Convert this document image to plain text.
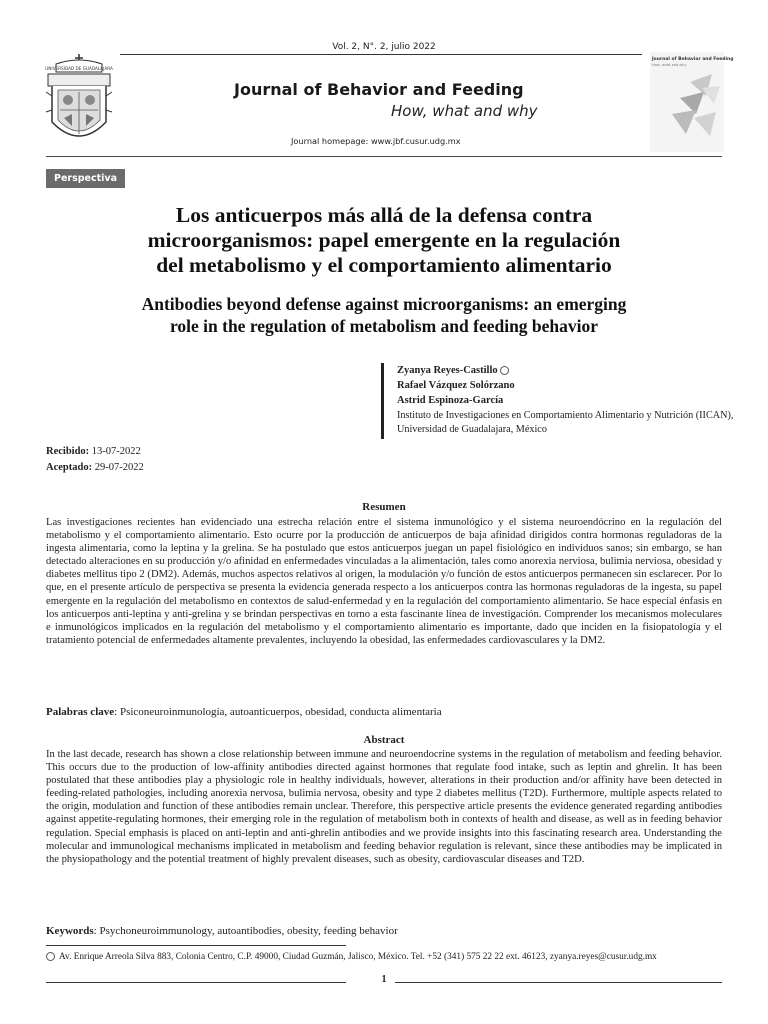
Vol. 2, N°. 2, julio 2022
UNIVERSIDAD DE GUADALAJARA
Journal of Behavior and Feeding
How, what and why
Journal homepage: www.jbf.cusur.udg.mx
Journal of Behavior and Feeding
How, what and why
Perspectiva
Los anticuerpos más allá de la defensa contra
microorganismos: papel emergente en la regulación
del metabolismo y el comportamiento alimentario
Antibodies beyond defense against microorganisms: an emerging
role in the regulation of metabolism and feeding behavior
Zyanya Reyes-Castillo
Rafael Vázquez Solórzano
Astrid Espinoza-García
Instituto de Investigaciones en Comportamiento Alimentario y Nutrición (IICAN), Universidad de Guadalajara, México
Recibido: 13-07-2022
Aceptado: 29-07-2022
Resumen
Las investigaciones recientes han evidenciado una estrecha relación entre el sistema inmunológico y el sistema neuroendócrino en la regulación del metabolismo y el comportamiento alimentario. Esto ocurre por la producción de anticuerpos de baja afinidad dirigidos contra hormonas reguladoras de la ingesta alimentaria, como la leptina y la grelina. Se ha postulado que estos anticuerpos juegan un papel fisiológico en individuos sanos; sin embargo, se han detectado alteraciones en su producción y/o afinidad en enfermedades vinculadas a la alimentación, tales como anorexia nerviosa, bulimia nerviosa, obesidad y diabetes mellitus tipo 2 (DM2). Además, muchos aspectos relativos al origen, la modulación y/o función de estos anticuerpos permanecen sin esclarecer. Por lo que, en el presente artículo de perspectiva se presenta la evidencia generada respecto a los anticuerpos contra las hormonas reguladoras de la ingesta, su papel emergente en la regulación del metabolismo en contextos de salud-enfermedad y en la regulación del comportamiento alimentario. Se hace especial énfasis en los anticuerpos anti-leptina y anti-grelina y se brindan perspectivas en torno a esta fascinante línea de investigación. Comprender los mecanismos moleculares e inmunológicos implicados en la regulación del metabolismo y el comportamiento alimentario es importante, dado que inciden en la fisiopatología y el tratamiento potencial de enfermedades altamente prevalentes, incluyendo la obesidad, las enfermedades cardiovasculares y la DM2.
Palabras clave: Psiconeuroinmunología, autoanticuerpos, obesidad, conducta alimentaria
Abstract
In the last decade, research has shown a close relationship between immune and neuroendocrine systems in the regulation of metabolism and feeding behavior. This occurs due to the production of low-affinity antibodies directed against hormones that regulate food intake, such as leptin and ghrelin. It has been postulated that these antibodies play a physiologic role in healthy individuals, however, alterations in their production and/or affinity have been detected in feeding-related pathologies, including anorexia nervosa, bulimia nervosa, obesity and type 2 diabetes mellitus (T2D). Furthermore, multiple aspects related to the origin, modulation and function of these antibodies remain unclear. Therefore, this perspective article presents the evidence generated regarding antibodies against appetite-regulating hormones, their emerging role in the regulation of metabolism both in contexts of health and disease, as well as in feeding behavior regulation. Special emphasis is placed on anti-leptin and anti-ghrelin antibodies and we provide insights into this fascinating research area. Understanding the molecular and immunological mechanisms implicated in metabolism and feeding behavior regulation is relevant, since these antibodies may be implicated in the physiopathology and the potential treatment of highly prevalent diseases, such as obesity, cardiovascular diseases and T2D.
Keywords: Psychoneuroimmunology, autoantibodies, obesity, feeding behavior
Av. Enrique Arreola Silva 883, Colonia Centro, C.P. 49000, Ciudad Guzmán, Jalisco, México. Tel. +52 (341) 575 22 22 ext. 46123, zyanya.reyes@cusur.udg.mx
1
